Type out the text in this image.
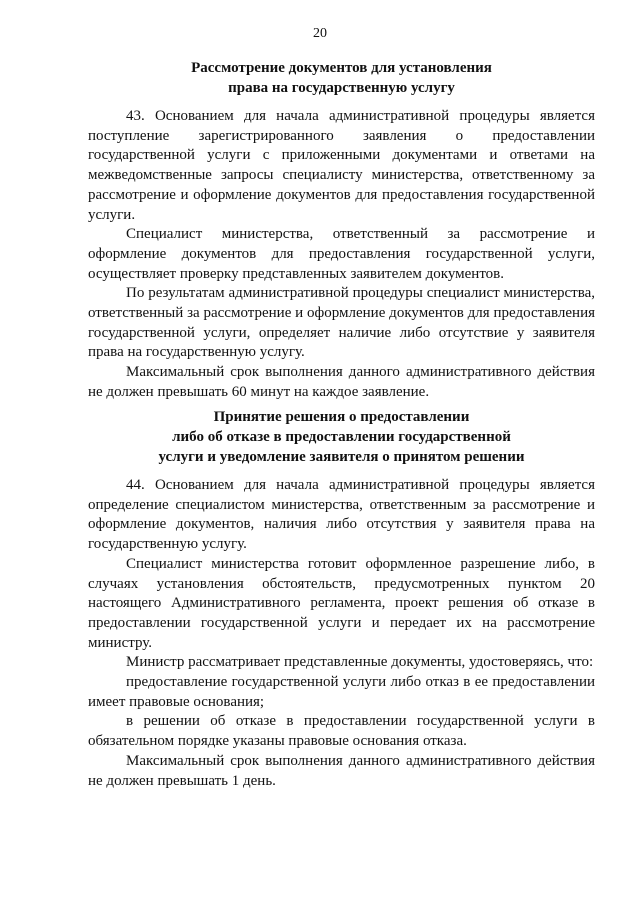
20
Рассмотрение документов для установления
права на государственную услугу

43. Основанием для начала административной процедуры является поступление зарегистрированного заявления о предоставлении государственной услуги с приложенными документами и ответами на межведомственные запросы специалисту министерства, ответственному за рассмотрение и оформление документов для предоставления государственной услуги.

Специалист министерства, ответственный за рассмотрение и оформление документов для предоставления государственной услуги, осуществляет проверку представленных заявителем документов.

По результатам административной процедуры специалист министерства, ответственный за рассмотрение и оформление документов для предоставления государственной услуги, определяет наличие либо отсутствие у заявителя права на государственную услугу.

Максимальный срок выполнения данного административного действия не должен превышать 60 минут на каждое заявление.

Принятие решения о предоставлении
либо об отказе в предоставлении государственной
услуги и уведомление заявителя о принятом решении

44. Основанием для начала административной процедуры является определение специалистом министерства, ответственным за рассмотрение и оформление документов, наличия либо отсутствия у заявителя права на государственную услугу.

Специалист министерства готовит оформленное разрешение либо, в случаях установления обстоятельств, предусмотренных пунктом 20 настоящего Административного регламента, проект решения об отказе в предоставлении государственной услуги и передает их на рассмотрение министру.

Министр рассматривает представленные документы, удостоверяясь, что:

предоставление государственной услуги либо отказ в ее предоставлении имеет правовые основания;

в решении об отказе в предоставлении государственной услуги в обязательном порядке указаны правовые основания отказа.

Максимальный срок выполнения данного административного действия не должен превышать 1 день.
